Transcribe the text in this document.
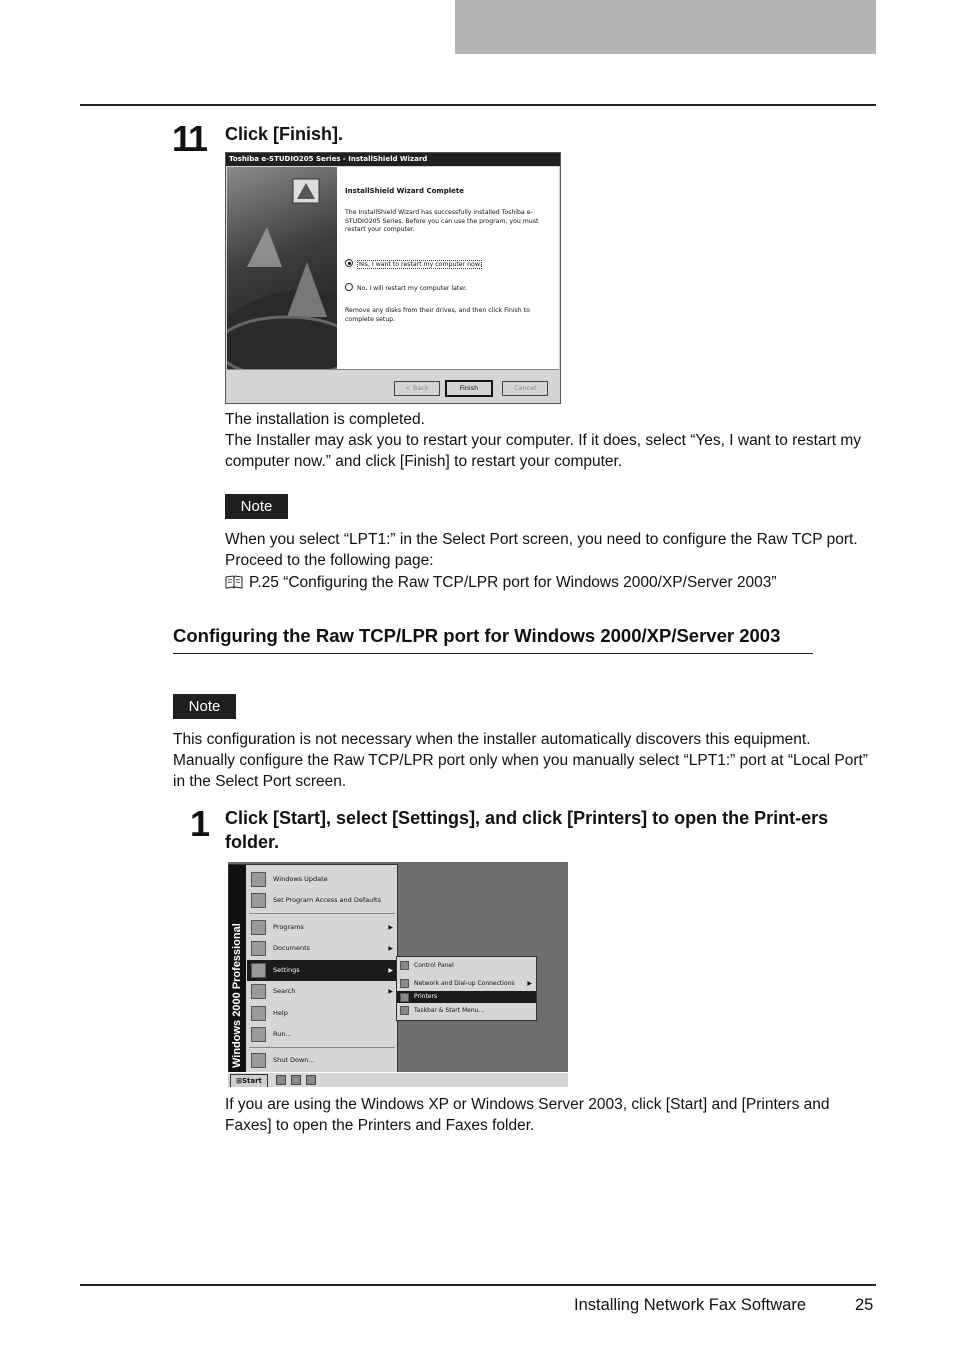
11 Click [Finish].
Toshiba e-STUDIO205 Series - InstallShield Wizard
InstallShield Wizard Complete
The InstallShield Wizard has successfully installed Toshiba e-STUDIO205 Series. Before you can use the program, you must restart your computer.
Yes, I want to restart my computer now.
No, I will restart my computer later.
Remove any disks from their drives, and then click Finish to complete setup.
< Back	Finish	Cancel
The installation is completed.
The Installer may ask you to restart your computer. If it does, select “Yes, I want to restart my computer now.” and click [Finish] to restart your computer.
Note
When you select “LPT1:” in the Select Port screen, you need to configure the Raw TCP port. Proceed to the following page:
P.25 “Configuring the Raw TCP/LPR port for Windows 2000/XP/Server 2003”
Configuring the Raw TCP/LPR port for Windows 2000/XP/Server 2003
Note
This configuration is not necessary when the installer automatically discovers this equipment. Manually configure the Raw TCP/LPR port only when you manually select “LPT1:” port at “Local Port” in the Select Port screen.
1 Click [Start], select [Settings], and click [Printers] to open the Print-ers folder.
Windows 2000 Professional
Windows Update
Set Program Access and Defaults
Programs	▶
Documents	▶
Settings	▶
Search	▶
Help
Run...
Shut Down...
Control Panel
Network and Dial-up Connections ▶
Printers
Taskbar & Start Menu...
⊞Start
If you are using the Windows XP or Windows Server 2003, click [Start] and [Printers and Faxes] to open the Printers and Faxes folder.
Installing Network Fax Software	25
